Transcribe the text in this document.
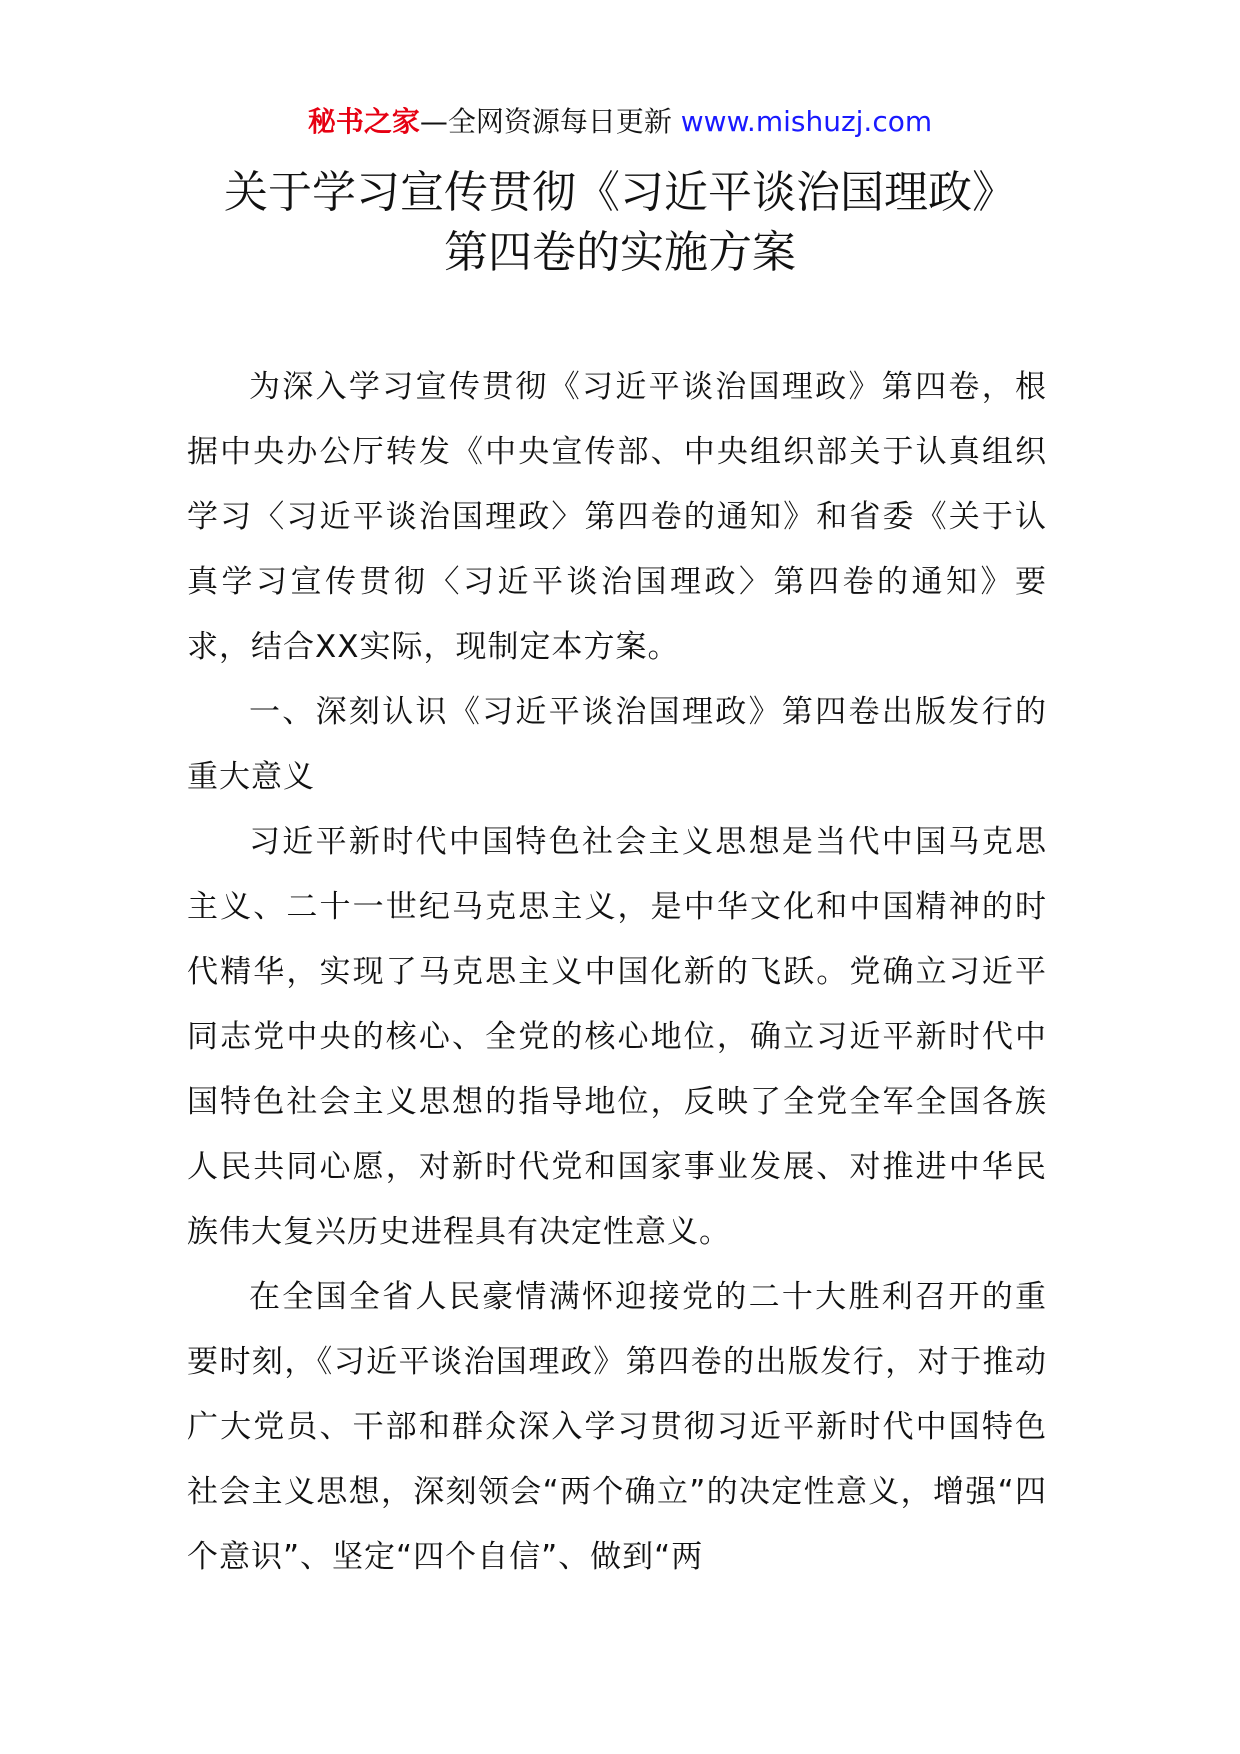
秘书之家—全网资源每日更新 www.mishuzj.com
关于学习宣传贯彻《习近平谈治国理政》
第四卷的实施方案

为深入学习宣传贯彻《习近平谈治国理政》第四卷，根据中央办公厅转发《中央宣传部、中央组织部关于认真组织学习〈习近平谈治国理政〉第四卷的通知》和省委《关于认真学习宣传贯彻〈习近平谈治国理政〉第四卷的通知》要求，结合XX实际，现制定本方案。

一、深刻认识《习近平谈治国理政》第四卷出版发行的重大意义

习近平新时代中国特色社会主义思想是当代中国马克思主义、二十一世纪马克思主义，是中华文化和中国精神的时代精华，实现了马克思主义中国化新的飞跃。党确立习近平同志党中央的核心、全党的核心地位，确立习近平新时代中国特色社会主义思想的指导地位，反映了全党全军全国各族人民共同心愿，对新时代党和国家事业发展、对推进中华民族伟大复兴历史进程具有决定性意义。

在全国全省人民豪情满怀迎接党的二十大胜利召开的重要时刻，《习近平谈治国理政》第四卷的出版发行，对于推动广大党员、干部和群众深入学习贯彻习近平新时代中国特色社会主义思想，深刻领会“两个确立”的决定性意义，增强“四个意识”、坚定“四个自信”、做到“两
